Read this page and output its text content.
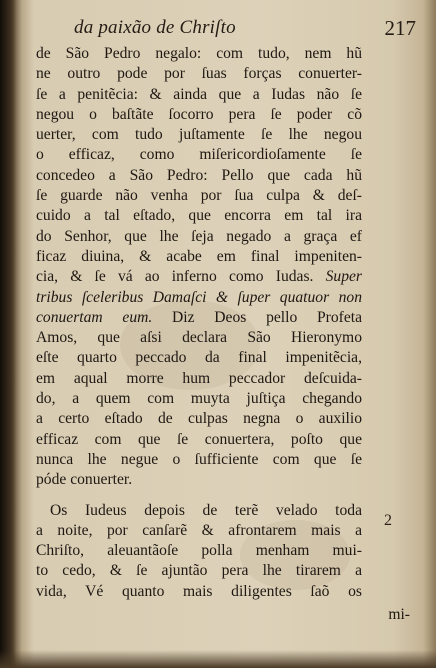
da paixão de Chriſto	217
de São Pedro negalo: com tudo, nem hũ
ne outro pode por ſuas forças conuerter-
ſe a penitẽcia: & ainda que a Iudas não ſe
negou o baſtãte ſocorro pera ſe poder cõ
uerter, com tudo juſtamente ſe lhe negou
o efficaz, como miſericordioſamente ſe
concedeo a São Pedro: Pello que cada hũ
ſe guarde não venha por ſua culpa & deſ-
cuido a tal eſtado, que encorra em tal ira
do Senhor, que lhe ſeja negado a graça ef
ficaz diuina, & acabe em final impeniten-
cia, & ſe vá ao inferno como Iudas. Super
tribus ſceleribus Damaſci & ſuper quatuor non
conuertam eum. Diz Deos pello Profeta
Amos, que aſsi declara São Hieronymo
eſte quarto peccado da final impenitẽcia,
em aqual morre hum peccador deſcuida-
do, a quem com muyta juſtiça chegando
a certo eſtado de culpas negna o auxilio
efficaz com que ſe conuertera, poſto que
nunca lhe negue o ſufficiente com que ſe
póde conuerter.
Os Iudeus depois de terẽ velado toda
a noite, por canſarẽ & afrontarem mais a
Chriſto, aleuantãoſe polla menham mui-
to cedo, & ſe ajuntão pera lhe tirarem a
vida, Vé quanto mais diligentes ſaõ os
2
mi-
